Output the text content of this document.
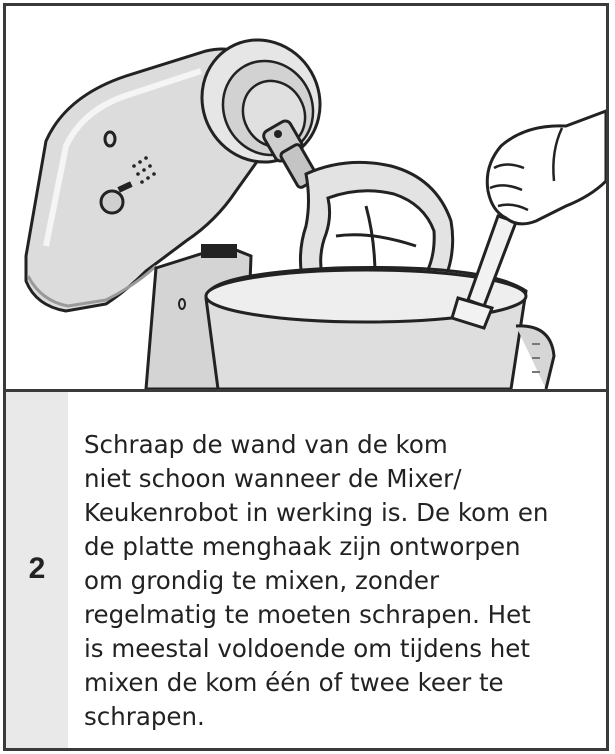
2

Schraap de wand van de kom
niet schoon wanneer de Mixer/
Keukenrobot in werking is. De kom en
de platte menghaak zijn ontworpen
om grondig te mixen, zonder
regelmatig te moeten schrapen. Het
is meestal voldoende om tijdens het
mixen de kom één of twee keer te
schrapen.
